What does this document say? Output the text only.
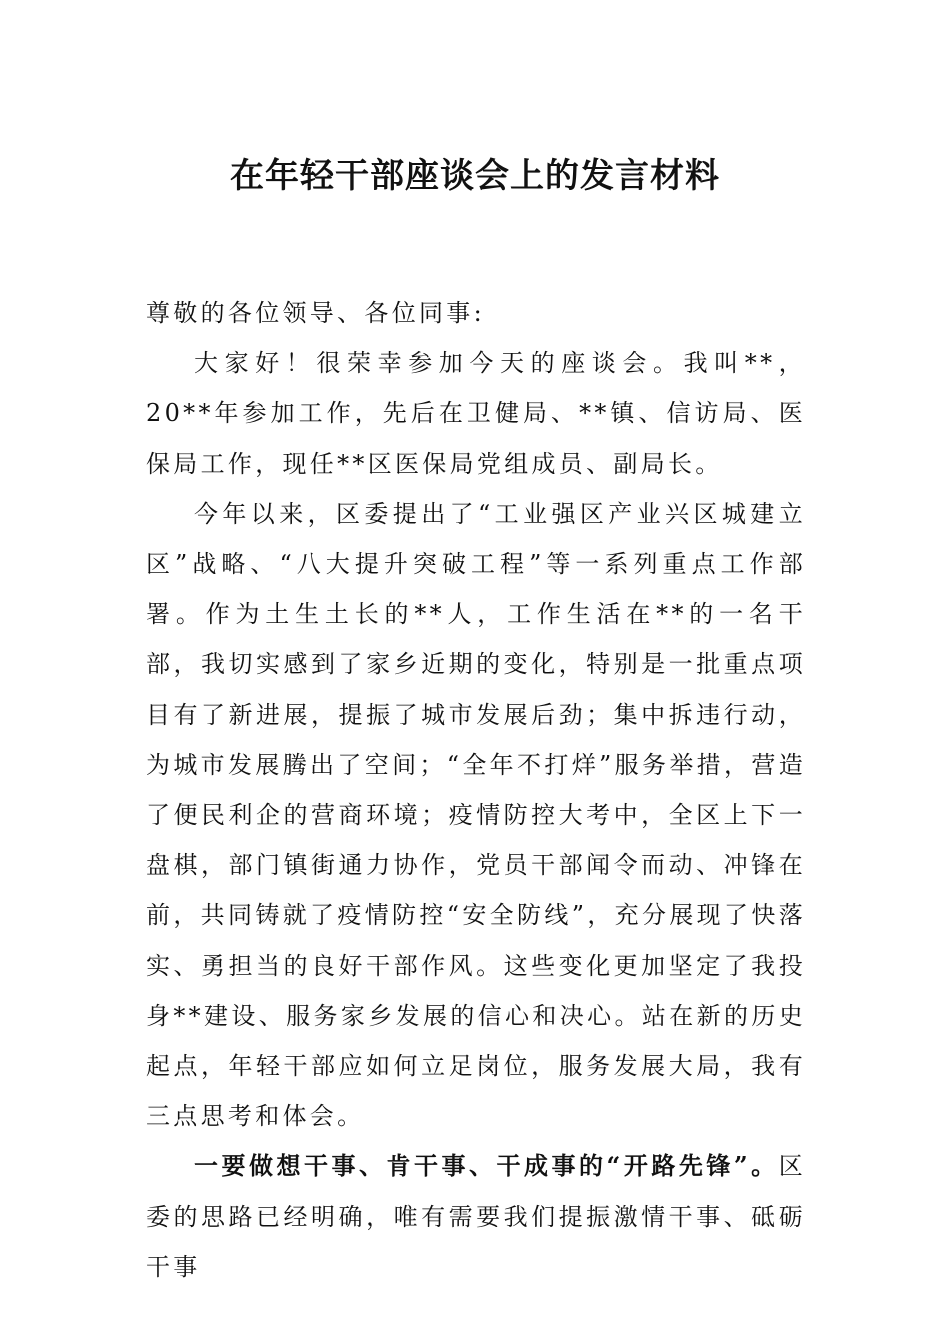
在年轻干部座谈会上的发言材料

尊敬的各位领导、各位同事:

大家好！很荣幸参加今天的座谈会。我叫**，20**年参加工作，先后在卫健局、**镇、信访局、医保局工作，现任**区医保局党组成员、副局长。

今年以来，区委提出了“工业强区产业兴区城建立区”战略、“八大提升突破工程”等一系列重点工作部署。作为土生土长的**人，工作生活在**的一名干部，我切实感到了家乡近期的变化，特别是一批重点项目有了新进展，提振了城市发展后劲；集中拆违行动，为城市发展腾出了空间；“全年不打烊”服务举措，营造了便民利企的营商环境；疫情防控大考中，全区上下一盘棋，部门镇街通力协作，党员干部闻令而动、冲锋在前，共同铸就了疫情防控“安全防线”，充分展现了快落实、勇担当的良好干部作风。这些变化更加坚定了我投身**建设、服务家乡发展的信心和决心。站在新的历史起点，年轻干部应如何立足岗位，服务发展大局，我有三点思考和体会。

一要做想干事、肯干事、干成事的“开路先锋”。区委的思路已经明确，唯有需要我们提振激情干事、砥砺干事
